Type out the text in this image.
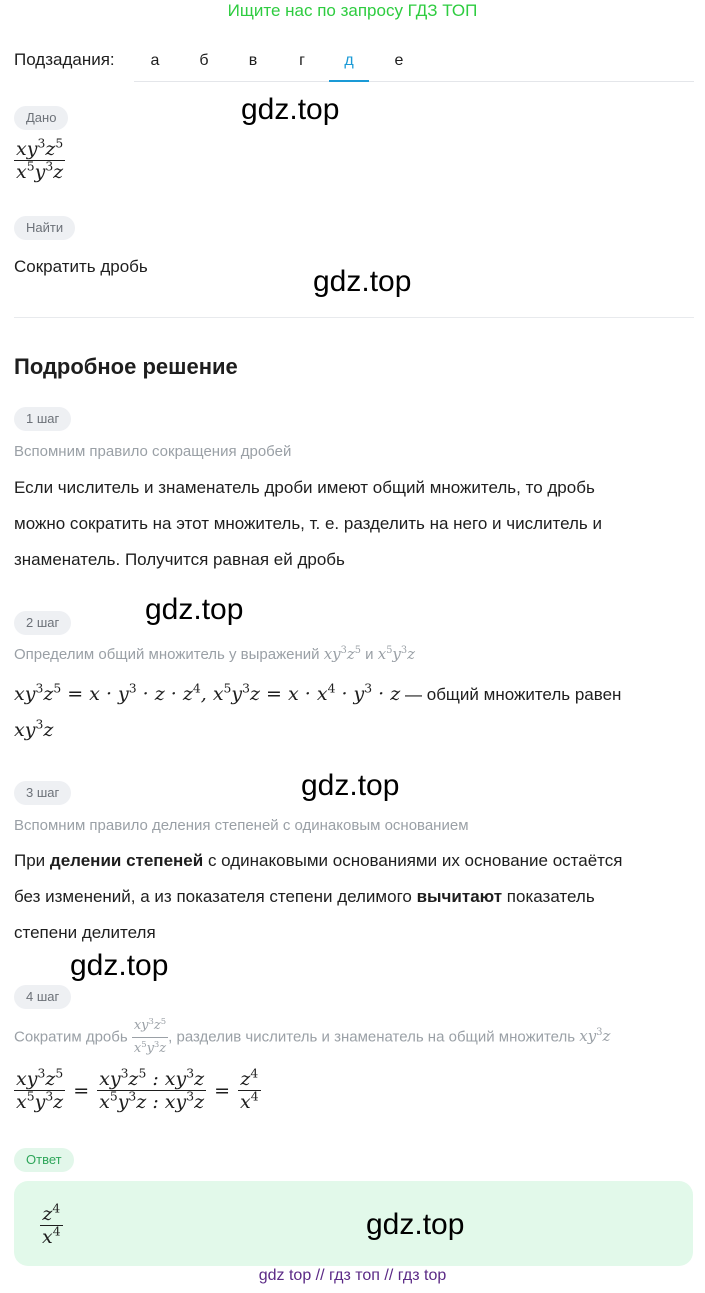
Ищите нас по запросу ГДЗ ТОП
Подзадания:	а	б	в	г	д	е
Дано	gdz.top
$\frac{xy^3z^5}{x^5y^3z}$
Найти
Сократить дробь	gdz.top
Подробное решение
1 шаг
Вспомним правило сокращения дробей
Если числитель и знаменатель дроби имеют общий множитель, то дробь
можно сократить на этот множитель, т. е. разделить на него и числитель и
знаменатель. Получится равная ей дробь
gdz.top
2 шаг
Определим общий множитель у выражений $xy^3z^5$ и $x^5y^3z$
$xy^3z^5 = x \cdot y^3 \cdot z \cdot z^4$, $x^5y^3z = x \cdot x^4 \cdot y^3 \cdot z$ — общий множитель равен
$xy^3z$
gdz.top
3 шаг
Вспомним правило деления степеней с одинаковым основанием
При делении степеней с одинаковыми основаниями их основание остаётся
без изменений, а из показателя степени делимого вычитают показатель
степени делителя
gdz.top
4 шаг
Сократим дробь $\frac{xy^3z^5}{x^5y^3z}$ , разделив числитель и знаменатель на общий множитель $xy^3z$
$\frac{xy^3z^5}{x^5y^3z} = \frac{xy^3z^5 : xy^3z}{x^5y^3z : xy^3z} = \frac{z^4}{x^4}$
Ответ
$\frac{z^4}{x^4}$	gdz.top
gdz top // гдз топ // гдз top
